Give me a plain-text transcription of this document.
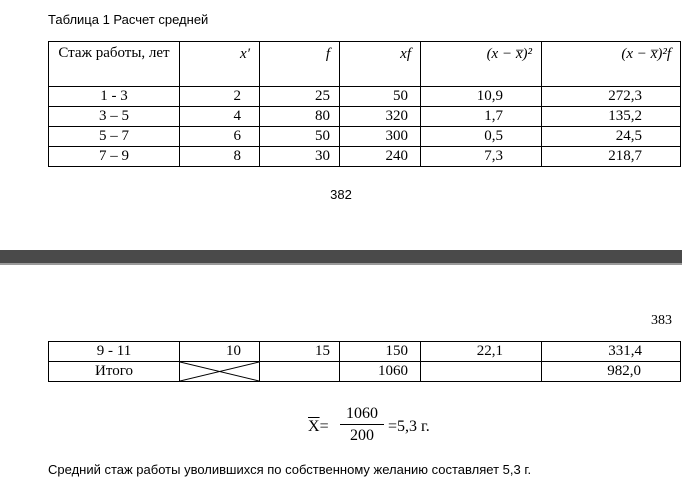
Таблица 1 Расчет средней
Стаж работы, лет	x′	f	xf	(x − x̅)²	(x − x̅)²f
1 - 3	2	25	50	10,9	272,3
3 – 5	4	80	320	1,7	135,2
5 – 7	6	50	300	0,5	24,5
7 – 9	8	30	240	7,3	218,7
382
383
9 - 11	10	15	150	22,1	331,4
Итого			1060		982,0
$\overline{X}= \frac{1060}{200} =5,3$ г.
Средний стаж работы уволившихся по собственному желанию составляет 5,3 г.
